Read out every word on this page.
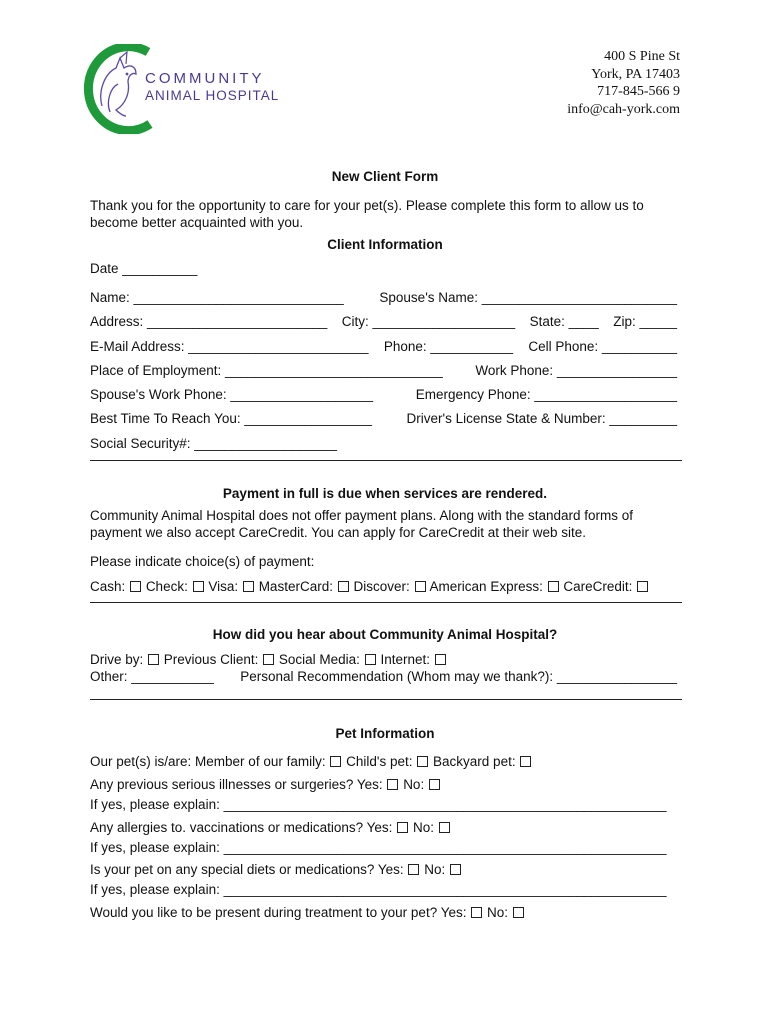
COMMUNITY
ANIMAL HOSPITAL
400 S Pine St
York, PA 17403
717-845-566 9
info@cah-york.com
New Client Form
Thank you for the opportunity to care for your pet(s). Please complete this form to allow us to
become better acquainted with you.
Client Information
Date __________
Name: ____________________________	Spouse's Name: __________________________
Address: ________________________ City: ___________________ State: ____ Zip: _____
E-Mail Address: ________________________ Phone: ___________ Cell Phone: __________
Place of Employment: _____________________________ Work Phone: ________________
Spouse's Work Phone: ___________________	Emergency Phone: ___________________
Best Time To Reach You: _________________	Driver's License State & Number: _________
Social Security#: ___________________
Payment in full is due when services are rendered.
Community Animal Hospital does not offer payment plans. Along with the standard forms of
payment we also accept CareCredit. You can apply for CareCredit at their web site.
Please indicate choice(s) of payment:
Cash: Check: Visa: MasterCard: Discover: American Express: CareCredit:
How did you hear about Community Animal Hospital?
Drive by: Previous Client: Social Media: Internet:
Other: ___________ Personal Recommendation (Whom may we thank?): ________________
Pet Information
Our pet(s) is/are: Member of our family: Child's pet: Backyard pet:
Any previous serious illnesses or surgeries? Yes: No:
If yes, please explain: ___________________________________________________________
Any allergies to. vaccinations or medications? Yes: No:
If yes, please explain: ___________________________________________________________
Is your pet on any special diets or medications? Yes: No:
If yes, please explain: ___________________________________________________________
Would you like to be present during treatment to your pet? Yes: No:
